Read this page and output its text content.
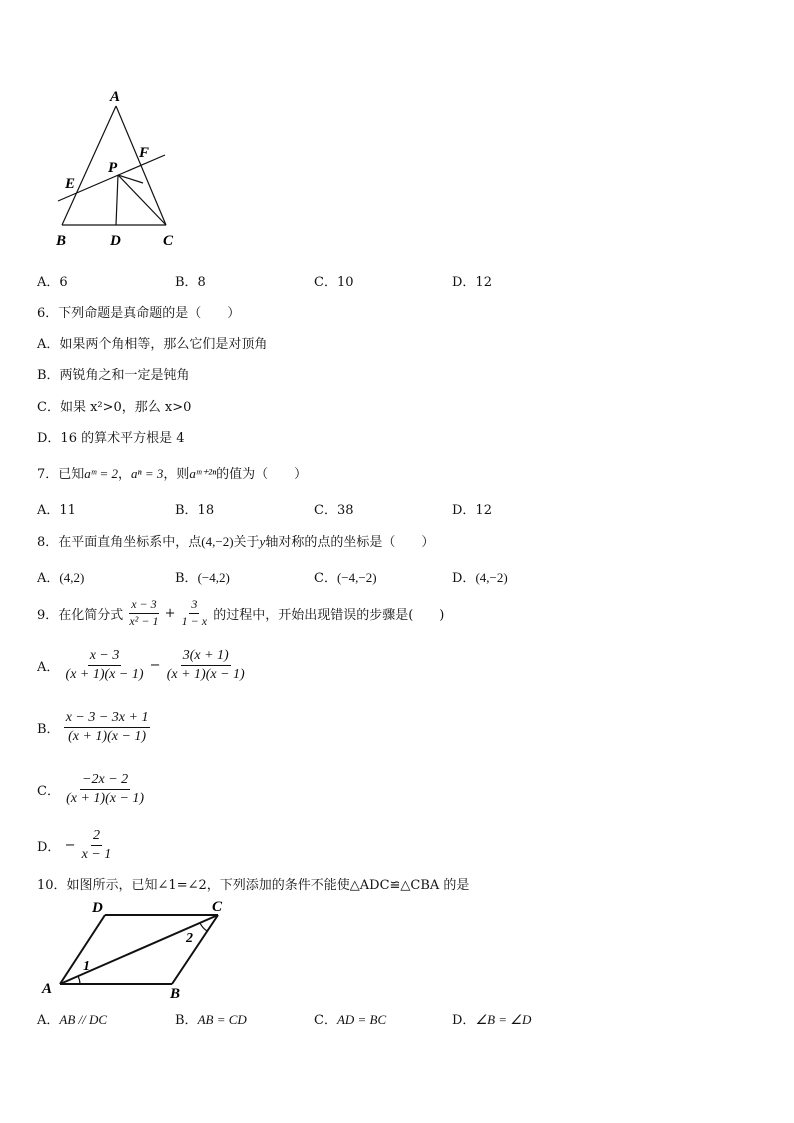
A
P
F
E
B	D	C
A．6	B．8	C．10	D．12
6．下列命题是真命题的是（　　）
A．如果两个角相等，那么它们是对顶角
B．两锐角之和一定是钝角
C．如果 x²>0，那么 x>0
D．16 的算术平方根是 4
7．已知aᵐ = 2，aⁿ = 3，则aᵐ⁺²ⁿ的值为（　　）
A．11	B．18	C．38	D．12
8．在平面直角坐标系中，点(4,−2)关于y轴对称的点的坐标是（　　）
A．(4,2)	B．(−4,2)	C．(−4,−2)	D．(4,−2)
9．在化简分式 $\frac{x - 3}{\text{x² − 1}} + \frac{3}{1 - x}$ 的过程中，开始出现错误的步骤是(　　)
A． $\frac{x - 3}{(x + 1)(x - 1)} - \frac{3(x + 1)}{(x + 1)(x - 1)}$
B． $\frac{x - 3 - 3x + 1}{(x + 1)(x - 1)}$
C． $\frac{-2x - 2}{(x + 1)(x - 1)}$
D． − $\frac{2}{x - 1}$
10．如图所示，已知∠1=∠2，下列添加的条件不能使△ADC≌△CBA 的是
D	C
A	B
1
2
A．AB // DC	B．AB = CD	C．AD = BC	D．∠B = ∠D
